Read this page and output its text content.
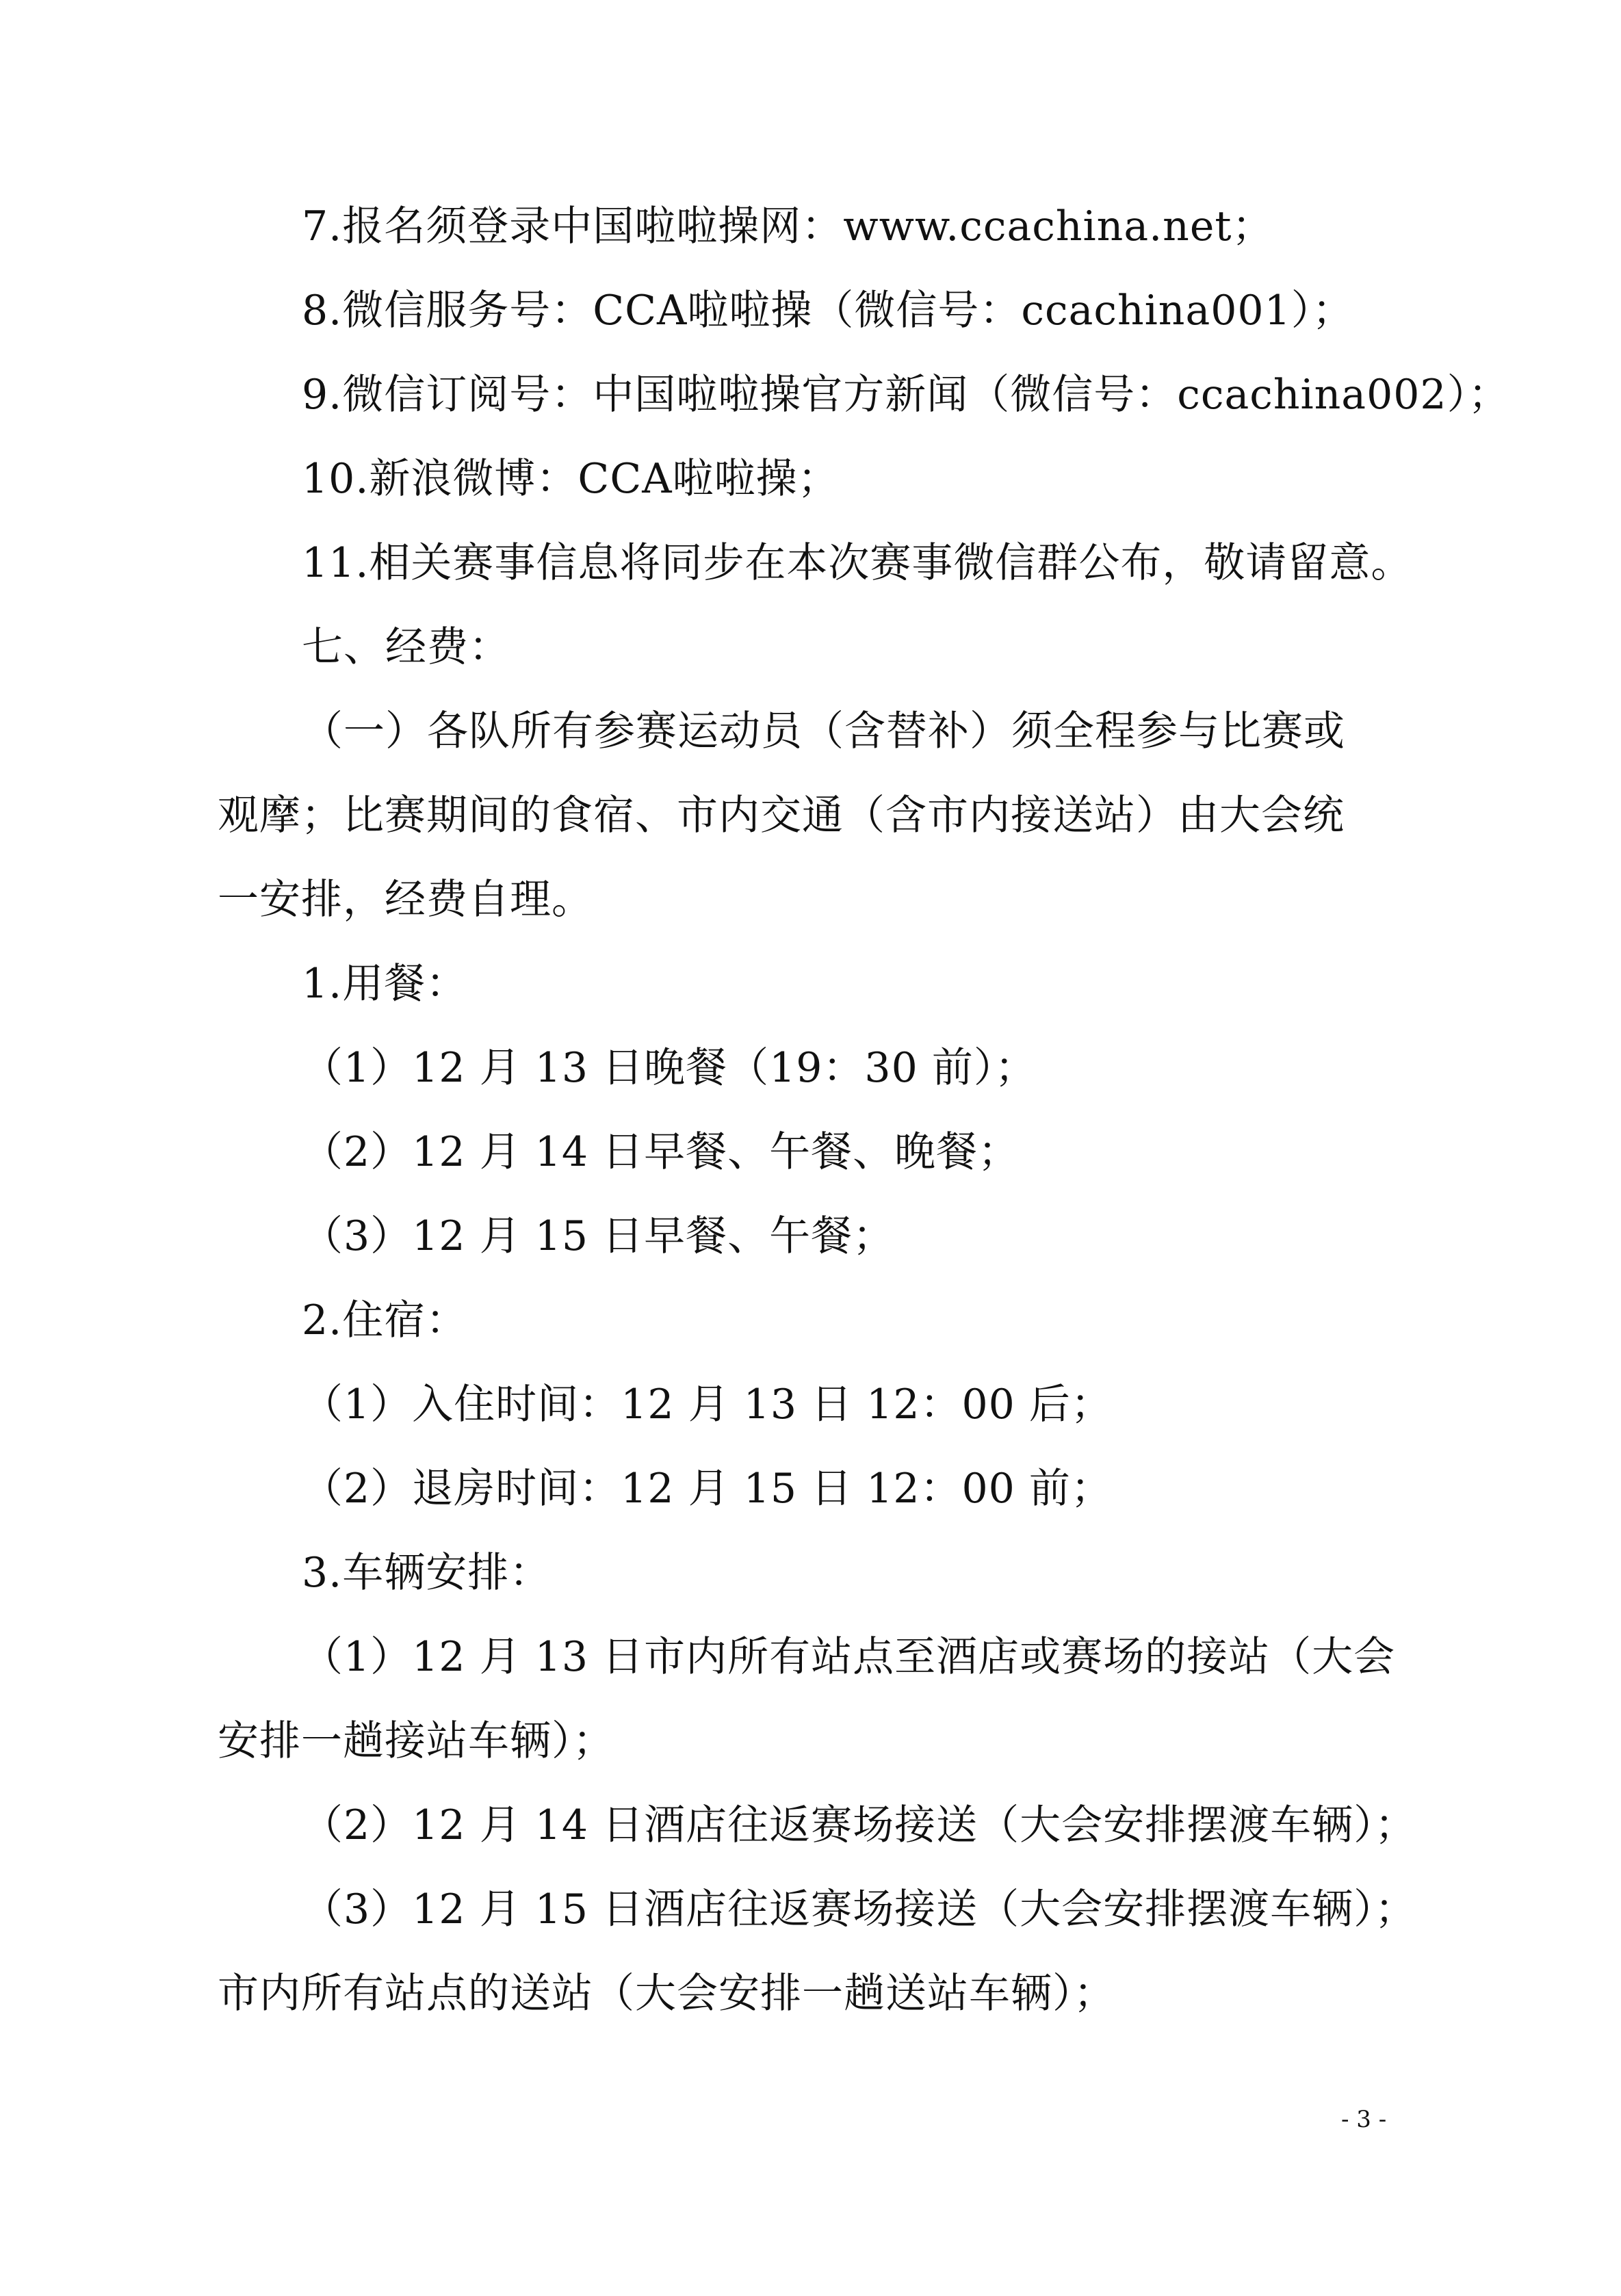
7.报名须登录中国啦啦操网：www.ccachina.net；
8.微信服务号：CCA啦啦操（微信号：ccachina001）；
9.微信订阅号：中国啦啦操官方新闻（微信号：ccachina002）；
10.新浪微博：CCA啦啦操；
11.相关赛事信息将同步在本次赛事微信群公布，敬请留意。
七、经费：
（一）各队所有参赛运动员（含替补）须全程参与比赛或
观摩；比赛期间的食宿、市内交通（含市内接送站）由大会统
一安排，经费自理。
1.用餐：
（1）12 月 13 日晚餐（19：30 前）；
（2）12 月 14 日早餐、午餐、晚餐；
（3）12 月 15 日早餐、午餐；
2.住宿：
（1）入住时间：12 月 13 日 12：00 后；
（2）退房时间：12 月 15 日 12：00 前；
3.车辆安排：
（1）12 月 13 日市内所有站点至酒店或赛场的接站（大会
安排一趟接站车辆）；
（2）12 月 14 日酒店往返赛场接送（大会安排摆渡车辆）；
（3）12 月 15 日酒店往返赛场接送（大会安排摆渡车辆）；
市内所有站点的送站（大会安排一趟送站车辆）；
- 3 -
